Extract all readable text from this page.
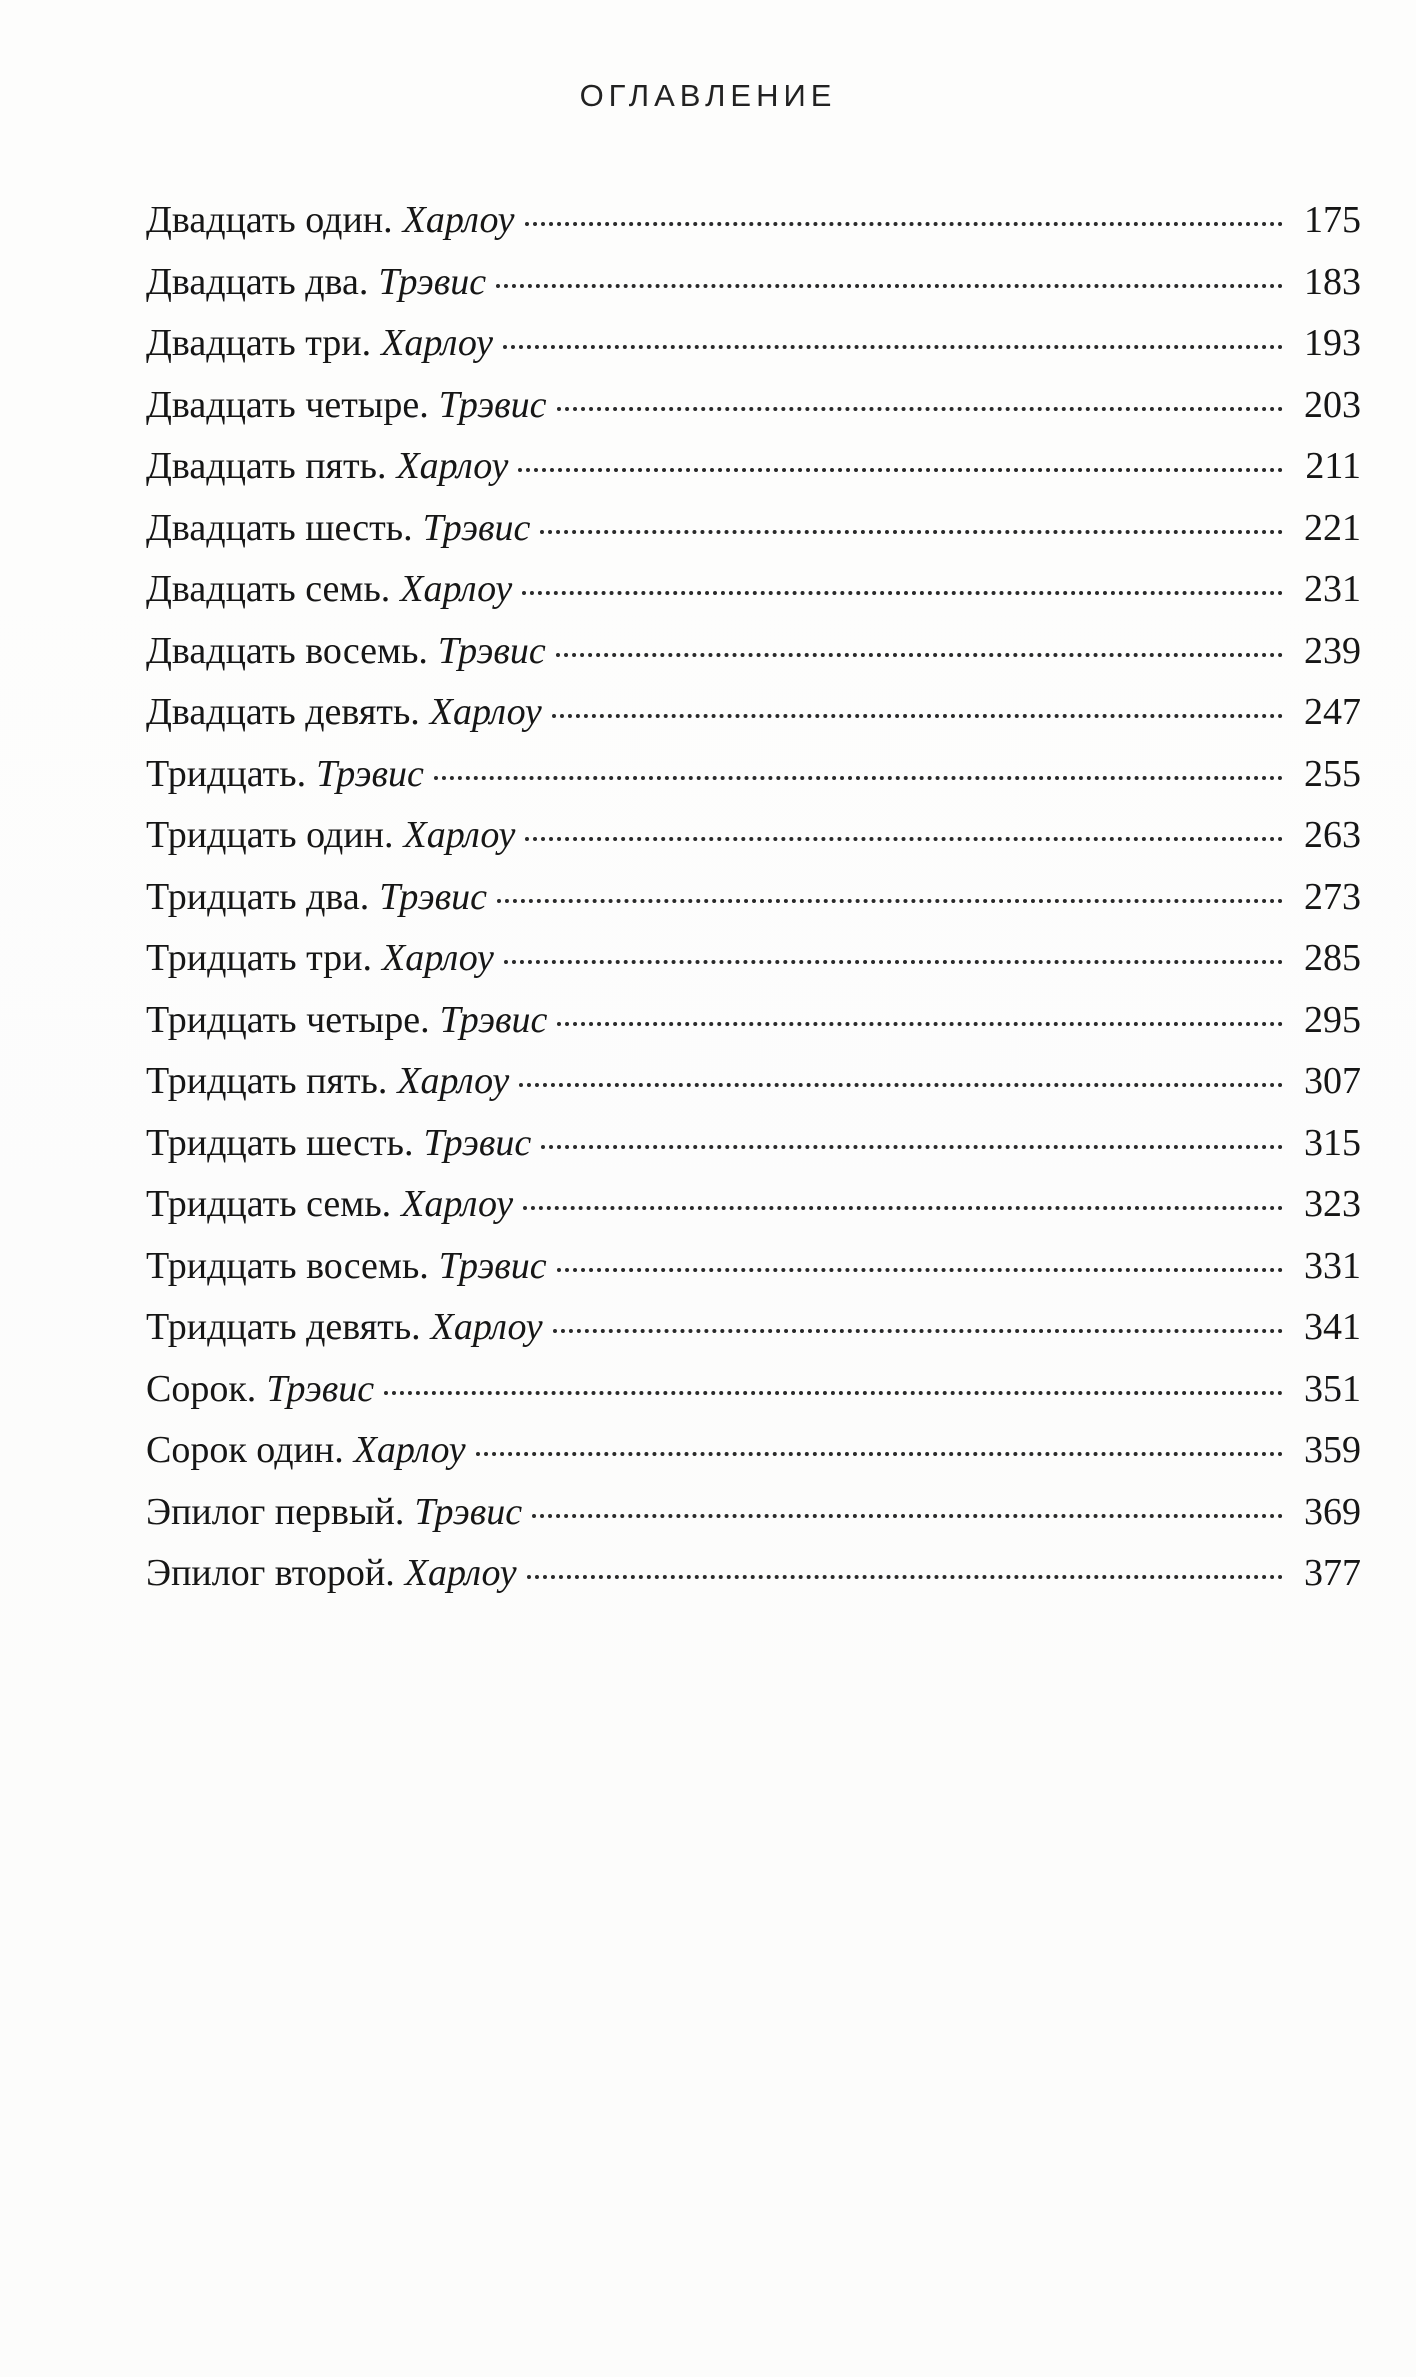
ОГЛАВЛЕНИЕ
Двадцать один. Харлоу	175
Двадцать два. Трэвис	183
Двадцать три. Харлоу	193
Двадцать четыре. Трэвис	203
Двадцать пять. Харлоу	211
Двадцать шесть. Трэвис	221
Двадцать семь. Харлоу	231
Двадцать восемь. Трэвис	239
Двадцать девять. Харлоу	247
Тридцать. Трэвис	255
Тридцать один. Харлоу	263
Тридцать два. Трэвис	273
Тридцать три. Харлоу	285
Тридцать четыре. Трэвис	295
Тридцать пять. Харлоу	307
Тридцать шесть. Трэвис	315
Тридцать семь. Харлоу	323
Тридцать восемь. Трэвис	331
Тридцать девять. Харлоу	341
Сорок. Трэвис	351
Сорок один. Харлоу	359
Эпилог первый. Трэвис	369
Эпилог второй. Харлоу	377
